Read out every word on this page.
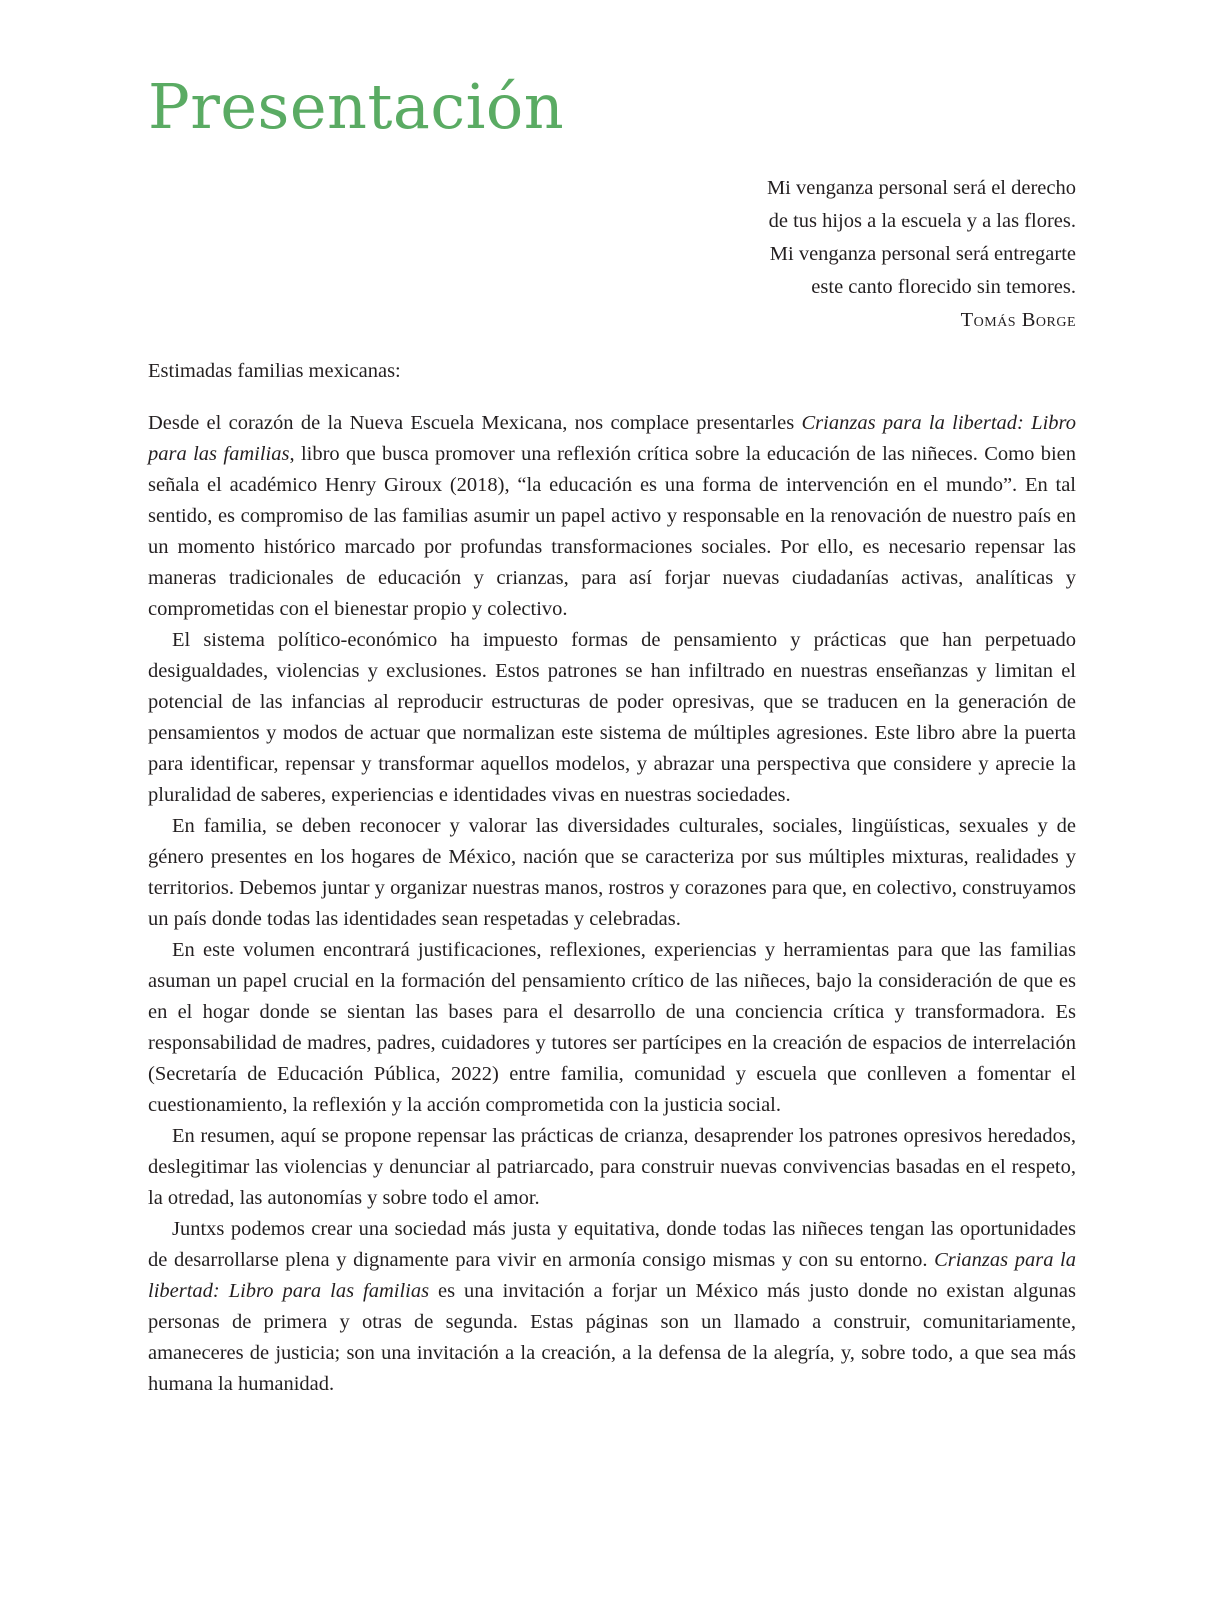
Presentación
Mi venganza personal será el derecho
de tus hijos a la escuela y a las flores.
Mi venganza personal será entregarte
este canto florecido sin temores.
Tomás Borge

Estimadas familias mexicanas:

Desde el corazón de la Nueva Escuela Mexicana, nos complace presentarles Crianzas para la libertad: Libro para las familias, libro que busca promover una reflexión crítica sobre la educación de las niñeces. Como bien señala el académico Henry Giroux (2018), “la educación es una forma de intervención en el mundo”. En tal sentido, es compromiso de las familias asumir un papel activo y responsable en la renovación de nuestro país en un momento histórico marcado por profundas transformaciones sociales. Por ello, es necesario repensar las maneras tradicionales de educación y crianzas, para así forjar nuevas ciudadanías activas, analíticas y comprometidas con el bienestar propio y colectivo.

El sistema político-económico ha impuesto formas de pensamiento y prácticas que han perpetuado desigualdades, violencias y exclusiones. Estos patrones se han infiltrado en nuestras enseñanzas y limitan el potencial de las infancias al reproducir estructuras de poder opresivas, que se traducen en la generación de pensamientos y modos de actuar que normalizan este sistema de múltiples agresiones. Este libro abre la puerta para identificar, repensar y transformar aquellos modelos, y abrazar una perspectiva que considere y aprecie la pluralidad de saberes, experiencias e identidades vivas en nuestras sociedades.

En familia, se deben reconocer y valorar las diversidades culturales, sociales, lingüísticas, sexuales y de género presentes en los hogares de México, nación que se caracteriza por sus múltiples mixturas, realidades y territorios. Debemos juntar y organizar nuestras manos, rostros y corazones para que, en colectivo, construyamos un país donde todas las identidades sean respetadas y celebradas.

En este volumen encontrará justificaciones, reflexiones, experiencias y herramientas para que las familias asuman un papel crucial en la formación del pensamiento crítico de las niñeces, bajo la consideración de que es en el hogar donde se sientan las bases para el desarrollo de una conciencia crítica y transformadora. Es responsabilidad de madres, padres, cuidadores y tutores ser partícipes en la creación de espacios de interrelación (Secretaría de Educación Pública, 2022) entre familia, comunidad y escuela que conlleven a fomentar el cuestionamiento, la reflexión y la acción comprometida con la justicia social.

En resumen, aquí se propone repensar las prácticas de crianza, desaprender los patrones opresivos heredados, deslegitimar las violencias y denunciar al patriarcado, para construir nuevas convivencias basadas en el respeto, la otredad, las autonomías y sobre todo el amor.

Juntxs podemos crear una sociedad más justa y equitativa, donde todas las niñeces tengan las oportunidades de desarrollarse plena y dignamente para vivir en armonía consigo mismas y con su entorno. Crianzas para la libertad: Libro para las familias es una invitación a forjar un México más justo donde no existan algunas personas de primera y otras de segunda. Estas páginas son un llamado a construir, comunitariamente, amaneceres de justicia; son una invitación a la creación, a la defensa de la alegría, y, sobre todo, a que sea más humana la humanidad.
